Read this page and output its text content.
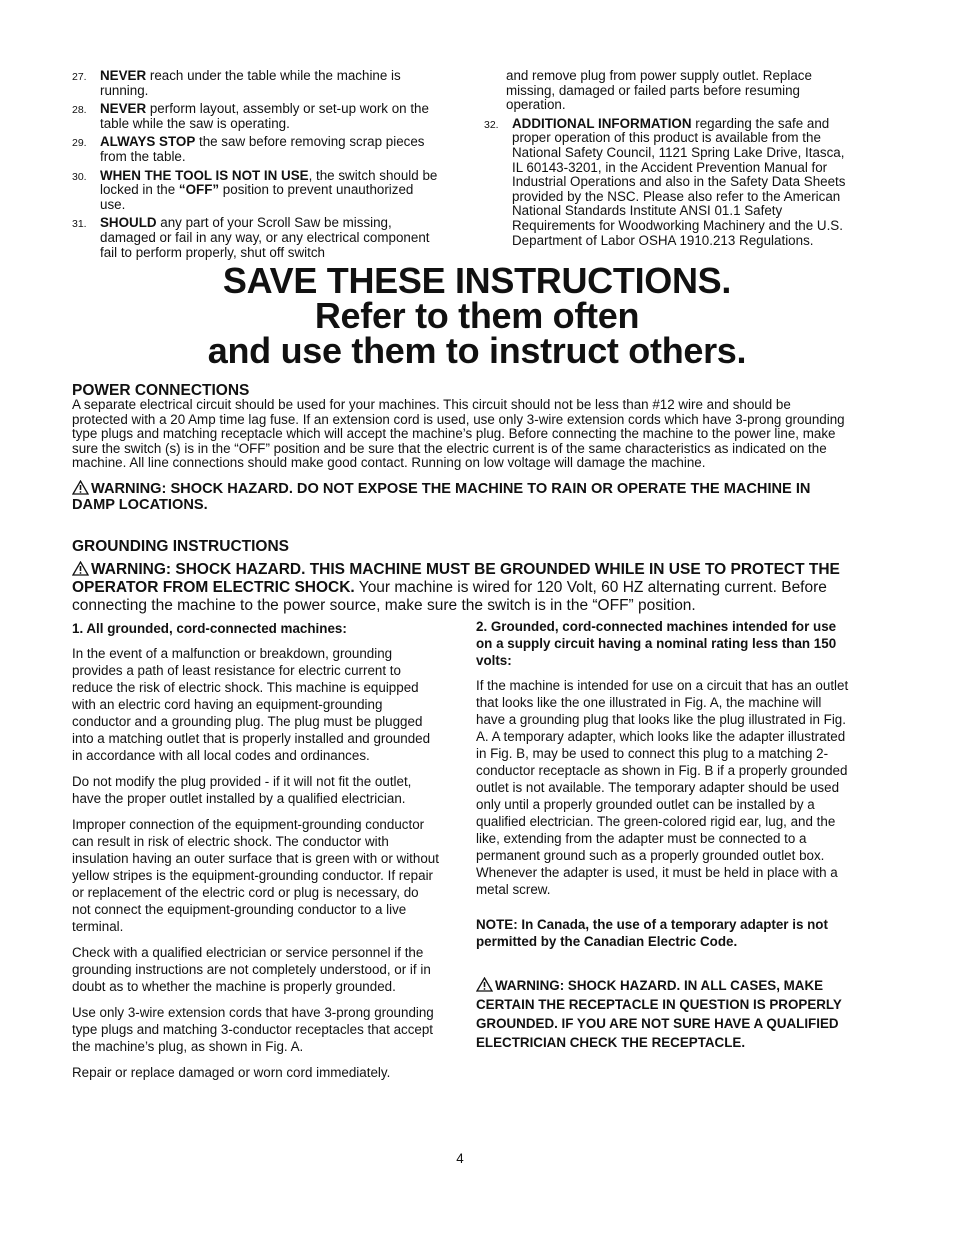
27. NEVER reach under the table while the machine is running.
28. NEVER perform layout, assembly or set-up work on the table while the saw is operating.
29. ALWAYS STOP the saw before removing scrap pieces from the table.
30. WHEN THE TOOL IS NOT IN USE, the switch should be locked in the “OFF” position to prevent unauthorized use.
31. SHOULD any part of your Scroll Saw be missing, damaged or fail in any way, or any electrical component fail to perform properly, shut off switch
and remove plug from power supply outlet. Replace missing, damaged or failed parts before resuming operation.
32. ADDITIONAL INFORMATION regarding the safe and proper operation of this product is available from the National Safety Council, 1121 Spring Lake Drive, Itasca, IL 60143-3201, in the Accident Prevention Manual for Industrial Operations and also in the Safety Data Sheets provided by the NSC. Please also refer to the American National Standards Institute ANSI 01.1 Safety Requirements for Woodworking Machinery and the U.S. Department of Labor OSHA 1910.213 Regulations.
SAVE THESE INSTRUCTIONS.
Refer to them often
and use them to instruct others.
POWER CONNECTIONS
A separate electrical circuit should be used for your machines. This circuit should not be less than #12 wire and should be protected with a 20 Amp time lag fuse. If an extension cord is used, use only 3-wire extension cords which have 3-prong grounding type plugs and matching receptacle which will accept the machine’s plug. Before connecting the machine to the power line, make sure the switch (s) is in the “OFF” position and be sure that the electric current is of the same characteristics as indicated on the machine. All line connections should make good contact. Running on low voltage will damage the machine.
WARNING: SHOCK HAZARD. DO NOT EXPOSE THE MACHINE TO RAIN OR OPERATE THE MACHINE IN DAMP LOCATIONS.
GROUNDING INSTRUCTIONS
WARNING: SHOCK HAZARD. THIS MACHINE MUST BE GROUNDED WHILE IN USE TO PROTECT THE OPERATOR FROM ELECTRIC SHOCK. Your machine is wired for 120 Volt, 60 HZ alternating current. Before connecting the machine to the power source, make sure the switch is in the “OFF” position.
1. All grounded, cord-connected machines:

In the event of a malfunction or breakdown, grounding provides a path of least resistance for electric current to reduce the risk of electric shock. This machine is equipped with an electric cord having an equipment-grounding conductor and a grounding plug. The plug must be plugged into a matching outlet that is properly installed and grounded in accordance with all local codes and ordinances.

Do not modify the plug provided - if it will not fit the outlet, have the proper outlet installed by a qualified electrician.

Improper connection of the equipment-grounding conductor can result in risk of electric shock. The conductor with insulation having an outer surface that is green with or without yellow stripes is the equipment-grounding conductor. If repair or replacement of the electric cord or plug is necessary, do not connect the equipment-grounding conductor to a live terminal.

Check with a qualified electrician or service personnel if the grounding instructions are not completely understood, or if in doubt as to whether the machine is properly grounded.

Use only 3-wire extension cords that have 3-prong grounding type plugs and matching 3-conductor receptacles that accept the machine’s plug, as shown in Fig. A.

Repair or replace damaged or worn cord immediately.

2. Grounded, cord-connected machines intended for use on a supply circuit having a nominal rating less than 150 volts:

If the machine is intended for use on a circuit that has an outlet that looks like the one illustrated in Fig. A, the machine will have a grounding plug that looks like the plug illustrated in Fig. A. A temporary adapter, which looks like the adapter illustrated in Fig. B, may be used to connect this plug to a matching 2-conductor receptacle as shown in Fig. B if a properly grounded outlet is not available. The temporary adapter should be used only until a properly grounded outlet can be installed by a qualified electrician. The green-colored rigid ear, lug, and the like, extending from the adapter must be connected to a permanent ground such as a properly grounded outlet box. Whenever the adapter is used, it must be held in place with a metal screw.

NOTE: In Canada, the use of a temporary adapter is not permitted by the Canadian Electric Code.

WARNING: SHOCK HAZARD. IN ALL CASES, MAKE CERTAIN THE RECEPTACLE IN QUESTION IS PROPERLY GROUNDED. IF YOU ARE NOT SURE HAVE A QUALIFIED ELECTRICIAN CHECK THE RECEPTACLE.

4
